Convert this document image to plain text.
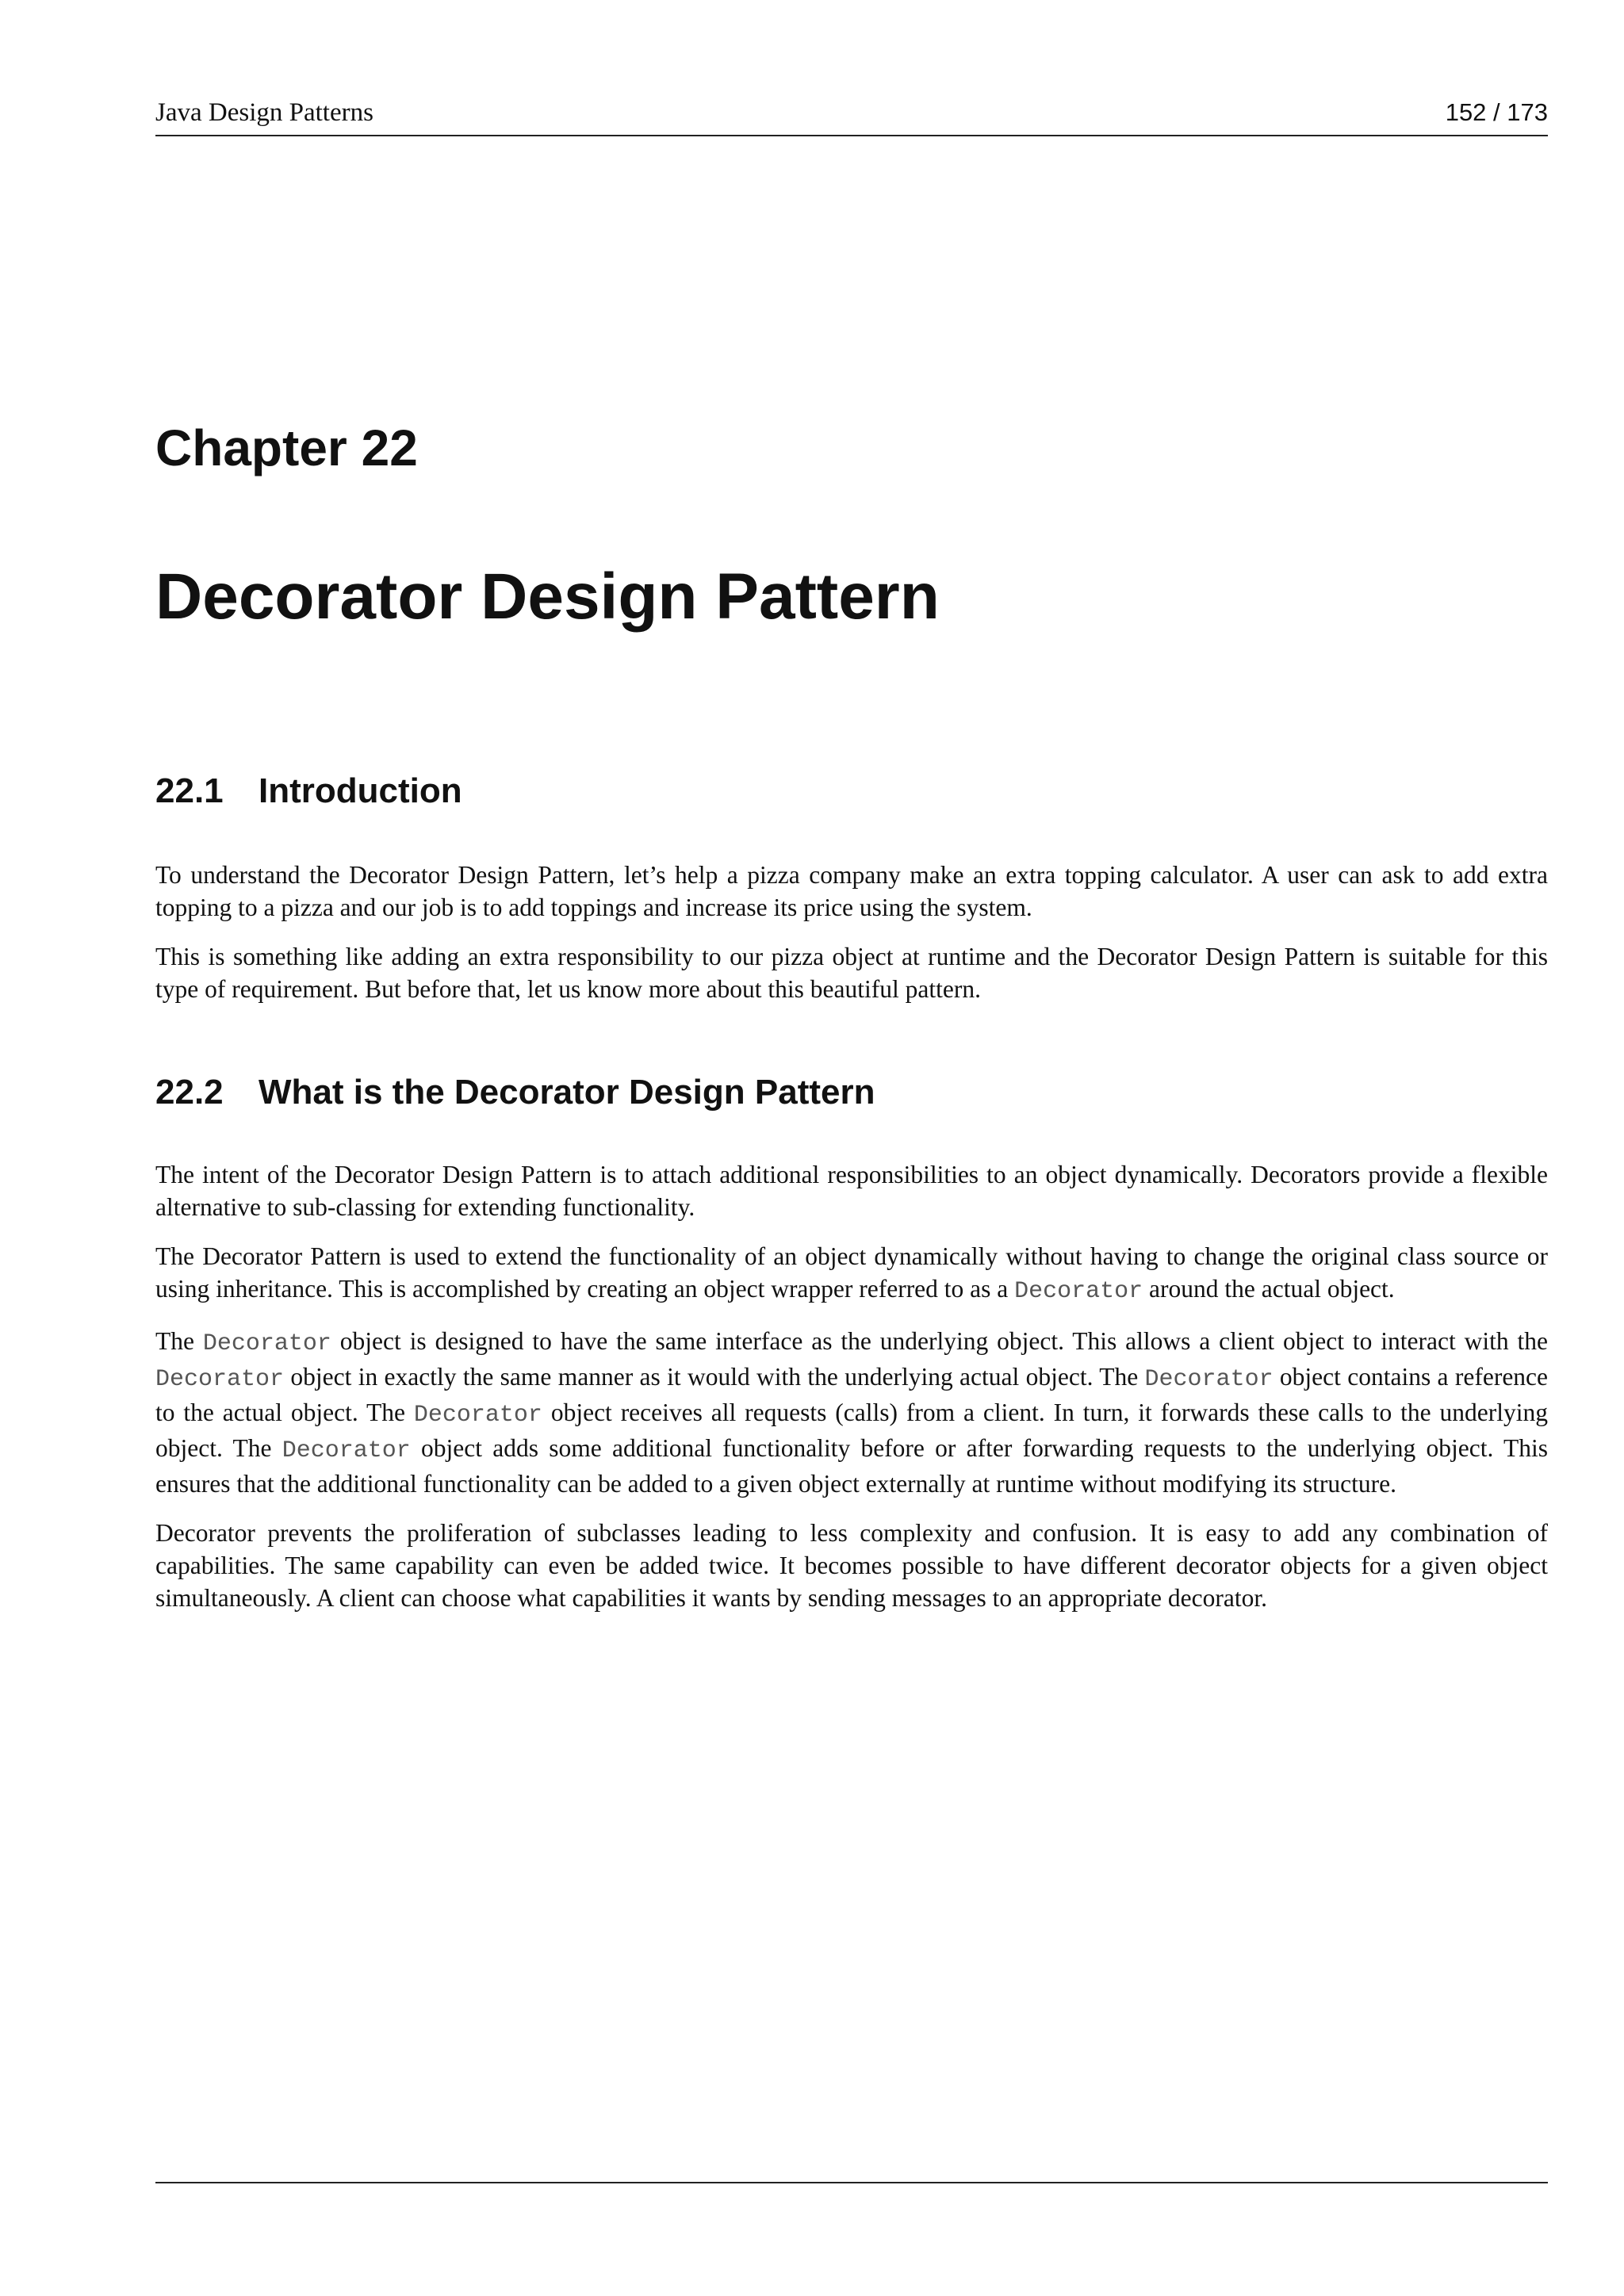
Java Design Patterns	152 / 173
Chapter 22
Decorator Design Pattern
22.1 Introduction

To understand the Decorator Design Pattern, let’s help a pizza company make an extra topping calculator. A user can ask to add extra topping to a pizza and our job is to add toppings and increase its price using the system.

This is something like adding an extra responsibility to our pizza object at runtime and the Decorator Design Pattern is suitable for this type of requirement. But before that, let us know more about this beautiful pattern.

22.2 What is the Decorator Design Pattern

The intent of the Decorator Design Pattern is to attach additional responsibilities to an object dynamically. Decorators provide a flexible alternative to sub-classing for extending functionality.

The Decorator Pattern is used to extend the functionality of an object dynamically without having to change the original class source or using inheritance. This is accomplished by creating an object wrapper referred to as a Decorator around the actual object.

The Decorator object is designed to have the same interface as the underlying object. This allows a client object to interact with the Decorator object in exactly the same manner as it would with the underlying actual object. The Decorator object contains a reference to the actual object. The Decorator object receives all requests (calls) from a client. In turn, it forwards these calls to the underlying object. The Decorator object adds some additional functionality before or after forwarding requests to the underlying object. This ensures that the additional functionality can be added to a given object externally at runtime without modifying its structure.

Decorator prevents the proliferation of subclasses leading to less complexity and confusion. It is easy to add any combination of capabilities. The same capability can even be added twice. It becomes possible to have different decorator objects for a given object simultaneously. A client can choose what capabilities it wants by sending messages to an appropriate decorator.
